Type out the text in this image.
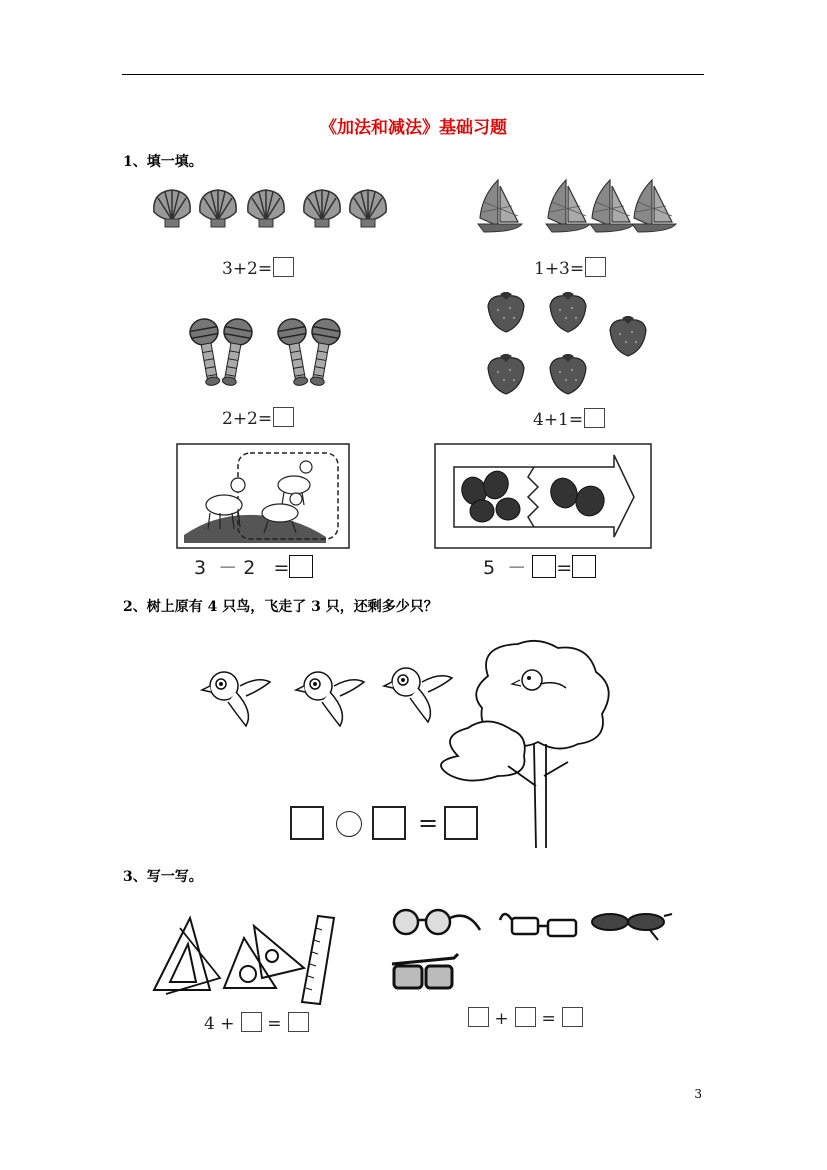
《加法和减法》基础习题
1、填一填。
3+2=	1+3=
2+2=	4+1=
3 － 2 =	5 － =
2、树上原有 4 只鸟，飞走了 3 只，还剩多少只？
=
3、写一写。
4 + =	+ =
3
